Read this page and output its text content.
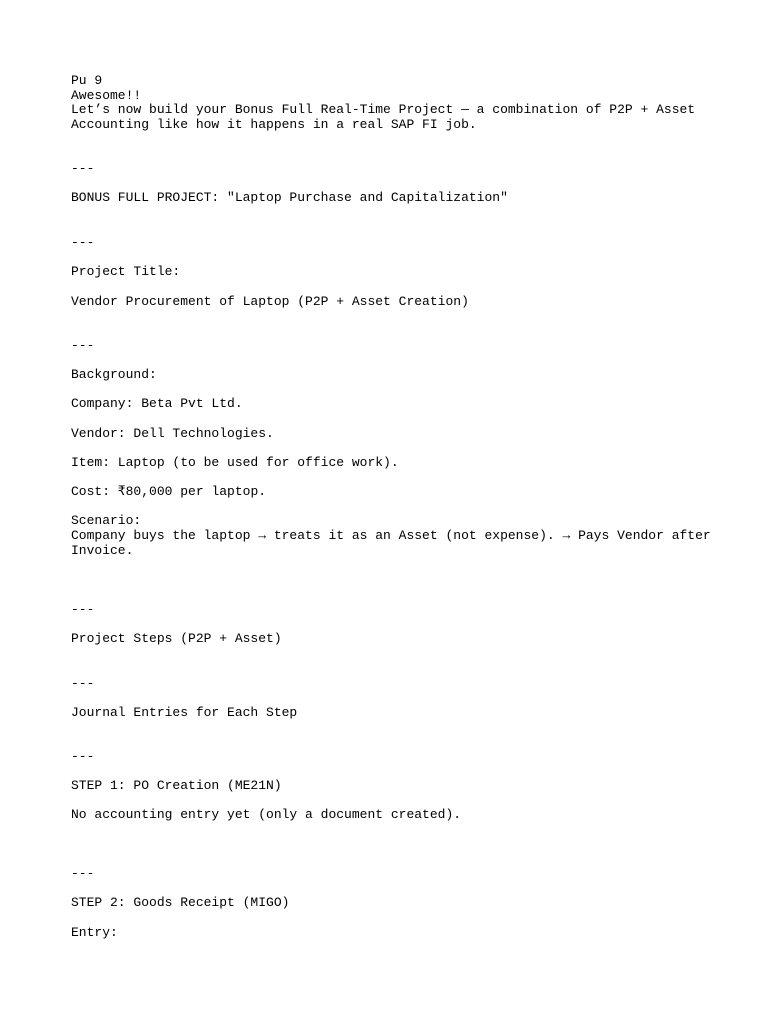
Pu 9
Awesome!!
Let’s now build your Bonus Full Real-Time Project — a combination of P2P + Asset
Accounting like how it happens in a real SAP FI job.
---
BONUS FULL PROJECT: "Laptop Purchase and Capitalization"
---
Project Title:
Vendor Procurement of Laptop (P2P + Asset Creation)
---
Background:
Company: Beta Pvt Ltd.
Vendor: Dell Technologies.
Item: Laptop (to be used for office work).
Cost: ₹80,000 per laptop.
Scenario:
Company buys the laptop → treats it as an Asset (not expense). → Pays Vendor after
Invoice.
---
Project Steps (P2P + Asset)
---
Journal Entries for Each Step
---
STEP 1: PO Creation (ME21N)
No accounting entry yet (only a document created).
---
STEP 2: Goods Receipt (MIGO)
Entry:
